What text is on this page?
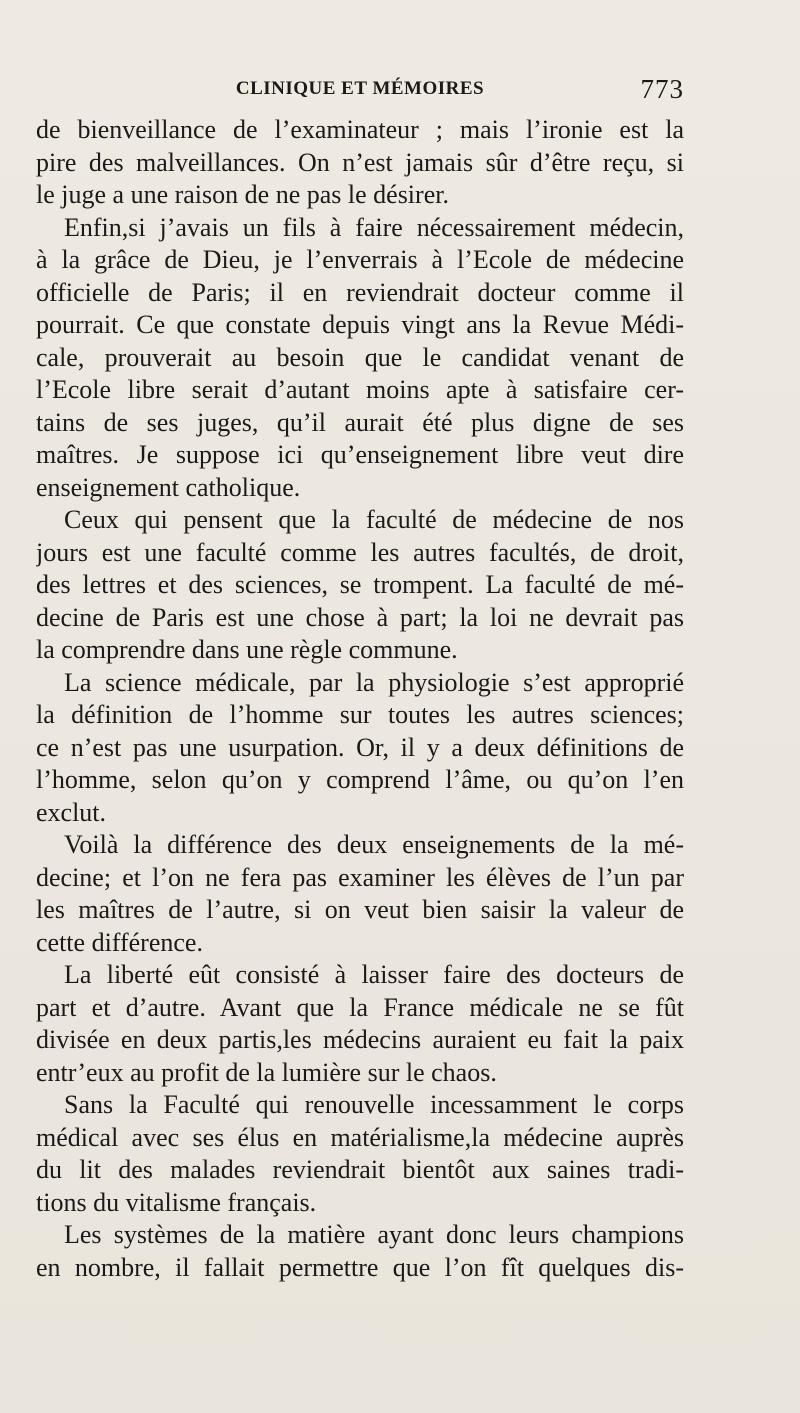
CLINIQUE ET MÉMOIRES	773
de bienveillance de l’examinateur ; mais l’ironie est la
pire des malveillances. On n’est jamais sûr d’être reçu, si
le juge a une raison de ne pas le désirer.
Enfin,si j’avais un fils à faire nécessairement médecin,
à la grâce de Dieu, je l’enverrais à l’Ecole de médecine
officielle de Paris; il en reviendrait docteur comme il
pourrait. Ce que constate depuis vingt ans la Revue Médi-
cale, prouverait au besoin que le candidat venant de
l’Ecole libre serait d’autant moins apte à satisfaire cer-
tains de ses juges, qu’il aurait été plus digne de ses
maîtres. Je suppose ici qu’enseignement libre veut dire
enseignement catholique.
Ceux qui pensent que la faculté de médecine de nos
jours est une faculté comme les autres facultés, de droit,
des lettres et des sciences, se trompent. La faculté de mé-
decine de Paris est une chose à part; la loi ne devrait pas
la comprendre dans une règle commune.
La science médicale, par la physiologie s’est approprié
la définition de l’homme sur toutes les autres sciences;
ce n’est pas une usurpation. Or, il y a deux définitions de
l’homme, selon qu’on y comprend l’âme, ou qu’on l’en
exclut.
Voilà la différence des deux enseignements de la mé-
decine; et l’on ne fera pas examiner les élèves de l’un par
les maîtres de l’autre, si on veut bien saisir la valeur de
cette différence.
La liberté eût consisté à laisser faire des docteurs de
part et d’autre. Avant que la France médicale ne se fût
divisée en deux partis,les médecins auraient eu fait la paix
entr’eux au profit de la lumière sur le chaos.
Sans la Faculté qui renouvelle incessamment le corps
médical avec ses élus en matérialisme,la médecine auprès
du lit des malades reviendrait bientôt aux saines tradi-
tions du vitalisme français.
Les systèmes de la matière ayant donc leurs champions
en nombre, il fallait permettre que l’on fît quelques dis-
